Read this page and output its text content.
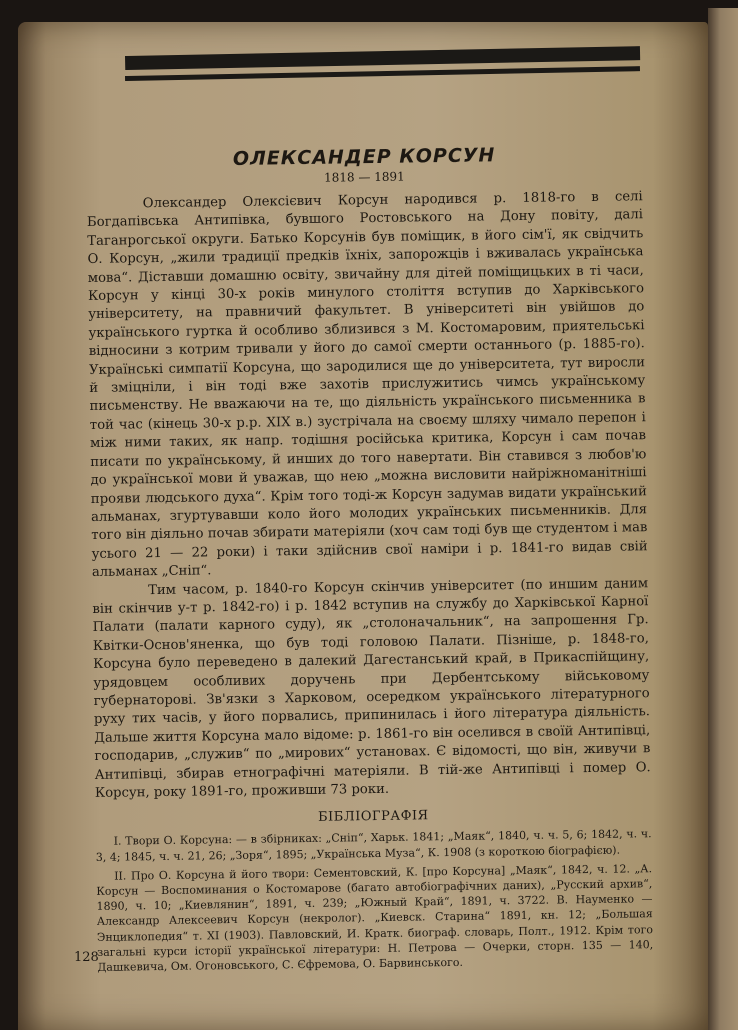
ОЛЕКСАНДЕР КОРСУН
1818 — 1891

Олександер Олексієвич Корсун народився р. 1818-го в селі Богдапівська Антипівка, бувшого Ростовського на Дону повіту, далі Таганрогської округи. Батько Корсунів був поміщик, в його сім'ї, як свідчить О. Корсун, „жили традиції предків їхніх, запорожців і вживалась українська мова“. Діставши домашню освіту, звичайну для дітей поміщицьких в ті часи, Корсун у кінці 30-х років минулого століття вступив до Харківського університету, на правничий факультет. В університеті він увійшов до українського гуртка й особливо зблизився з М. Костомаровим, приятельські відносини з котрим тривали у його до самої смерти останнього (р. 1885-го). Українські симпатії Корсуна, що зародилися ще до університета, тут виросли й зміцніли, і він тоді вже захотів прислужитись чимсь українському письменству. Не вважаючи на те, що діяльність українського письменника в той час (кінець 30-х р.р. XIX в.) зустрічала на своєму шляху чимало перепон і між ними таких, як напр. тодішня російська критика, Корсун і сам почав писати по українському, й инших до того навертати. Він ставився з любов'ю до української мови й уважав, що нею „можна висловити найріжноманітніші прояви людського духа“. Крім того тоді-ж Корсун задумав видати український альманах, згуртувавши коло його молодих українських письменників. Для того він діяльно почав збирати матеріяли (хоч сам тоді був ще студентом і мав усього 21 — 22 роки) і таки здійснив свої наміри і р. 1841-го видав свій альманах „Сніп“.

Тим часом, р. 1840-го Корсун скінчив університет (по иншим даним він скінчив у-т р. 1842-го) і р. 1842 вступив на службу до Харківської Карної Палати (палати карного суду), як „столоначальник“, на запрошення Гр. Квітки-Основ'яненка, що був тоді головою Палати. Пізніше, р. 1848-го, Корсуна було переведено в далекий Дагестанський край, в Прикаспійщину, урядовцем особливих доручень при Дербентському військовому губернаторові. Зв'язки з Харковом, осередком українського літературного руху тих часів, у його порвались, припинилась і його література діяльність. Дальше життя Корсуна мало відоме: р. 1861-го він оселився в своїй Антипівці, господарив, „служив“ по „мирових“ установах. Є відомості, що він, живучи в Антипівці, збирав етнографічні матеріяли. В тій-же Антипівці і помер О. Корсун, року 1891-го, проживши 73 роки.

БІБЛІОГРАФІЯ

I. Твори О. Корсуна: — в збірниках: „Сніп“, Харьк. 1841; „Маяк“, 1840, ч. ч. 5, 6; 1842, ч. ч. 3, 4; 1845, ч. ч. 21, 26; „Зоря“, 1895; „Українська Муза“, К. 1908 (з короткою біографією).

II. Про О. Корсуна й його твори: Сементовский, К. [про Корсуна] „Маяк“, 1842, ч. 12. „А. Корсун — Воспоминания о Костомарове (багато автобіографічних даних), „Русский архив“, 1890, ч. 10; „Киевлянин“, 1891, ч. 239; „Южный Край“, 1891, ч. 3722. В. Науменко — Александр Алексеевич Корсун (некролог). „Киевск. Старина“ 1891, кн. 12; „Большая Энциклопедия“ т. XI (1903). Павловский, И. Кратк. биограф. словарь, Полт., 1912. Крім того загальні курси історії української літератури: Н. Петрова — Очерки, сторн. 135 — 140, Дашкевича, Ом. Огоновського, С. Єфремова, О. Барвинського.

128
